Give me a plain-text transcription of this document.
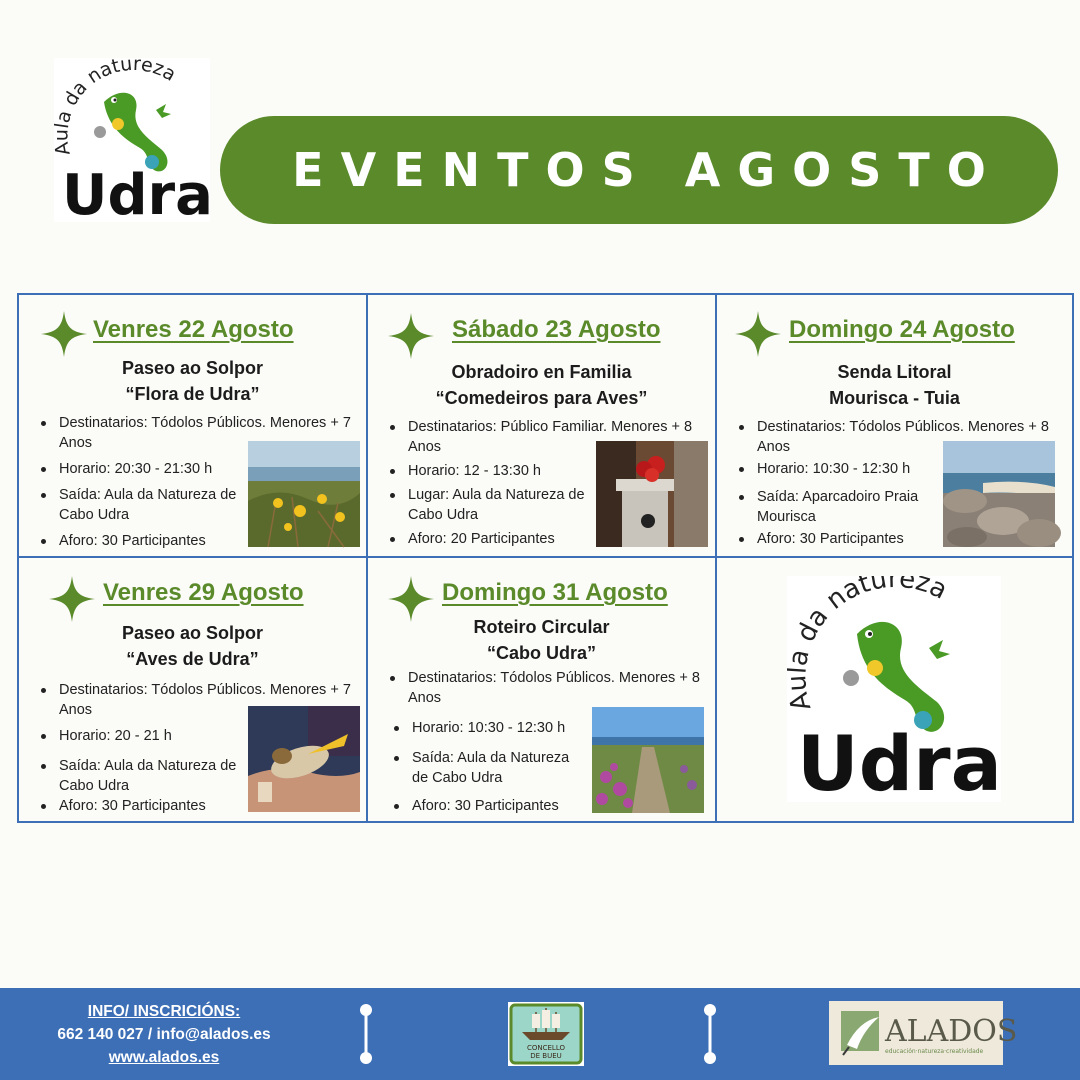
a da natureza
Udra	EVENTOS AGOSTO
Venres 22 Agosto
Paseo ao Solpor
“Flora de Udra”
Destinatarios: Tódolos Públicos. Menores + 7 Anos
Horario: 20:30 - 21:30 h
Saída: Aula da Natureza de Cabo Udra
Aforo: 30 Participantes
Sábado 23 Agosto
Obradoiro en Familia
“Comedeiros para Aves”
Destinatarios: Público Familiar. Menores + 8 Anos
Horario: 12 - 13:30 h
Lugar: Aula da Natureza de Cabo Udra
Aforo: 20 Participantes
Domingo 24 Agosto
Senda Litoral
Mourisca - Tuia
Destinatarios: Tódolos Públicos. Menores + 8 Anos
Horario: 10:30 - 12:30 h
Saída: Aparcadoiro Praia Mourisca
Aforo: 30 Participantes
Venres 29 Agosto
Paseo ao Solpor
“Aves de Udra”
Destinatarios: Tódolos Públicos. Menores + 7 Anos
Horario: 20 - 21 h
Saída: Aula da Natureza de Cabo Udra
Aforo: 30 Participantes
Domingo 31 Agosto
Roteiro Circular
“Cabo Udra”
Destinatarios: Tódolos Públicos. Menores + 8 Anos
Horario: 10:30 - 12:30 h
Saída: Aula da Natureza de Cabo Udra
Aforo: 30 Participantes
A da natureza
Udra
INFO/ INSCRICIÓNS:
662 140 027 / info@alados.es
www.alados.es
CONCELLO
DE BUEU
ALADOS
educación·natureza·creatividade
